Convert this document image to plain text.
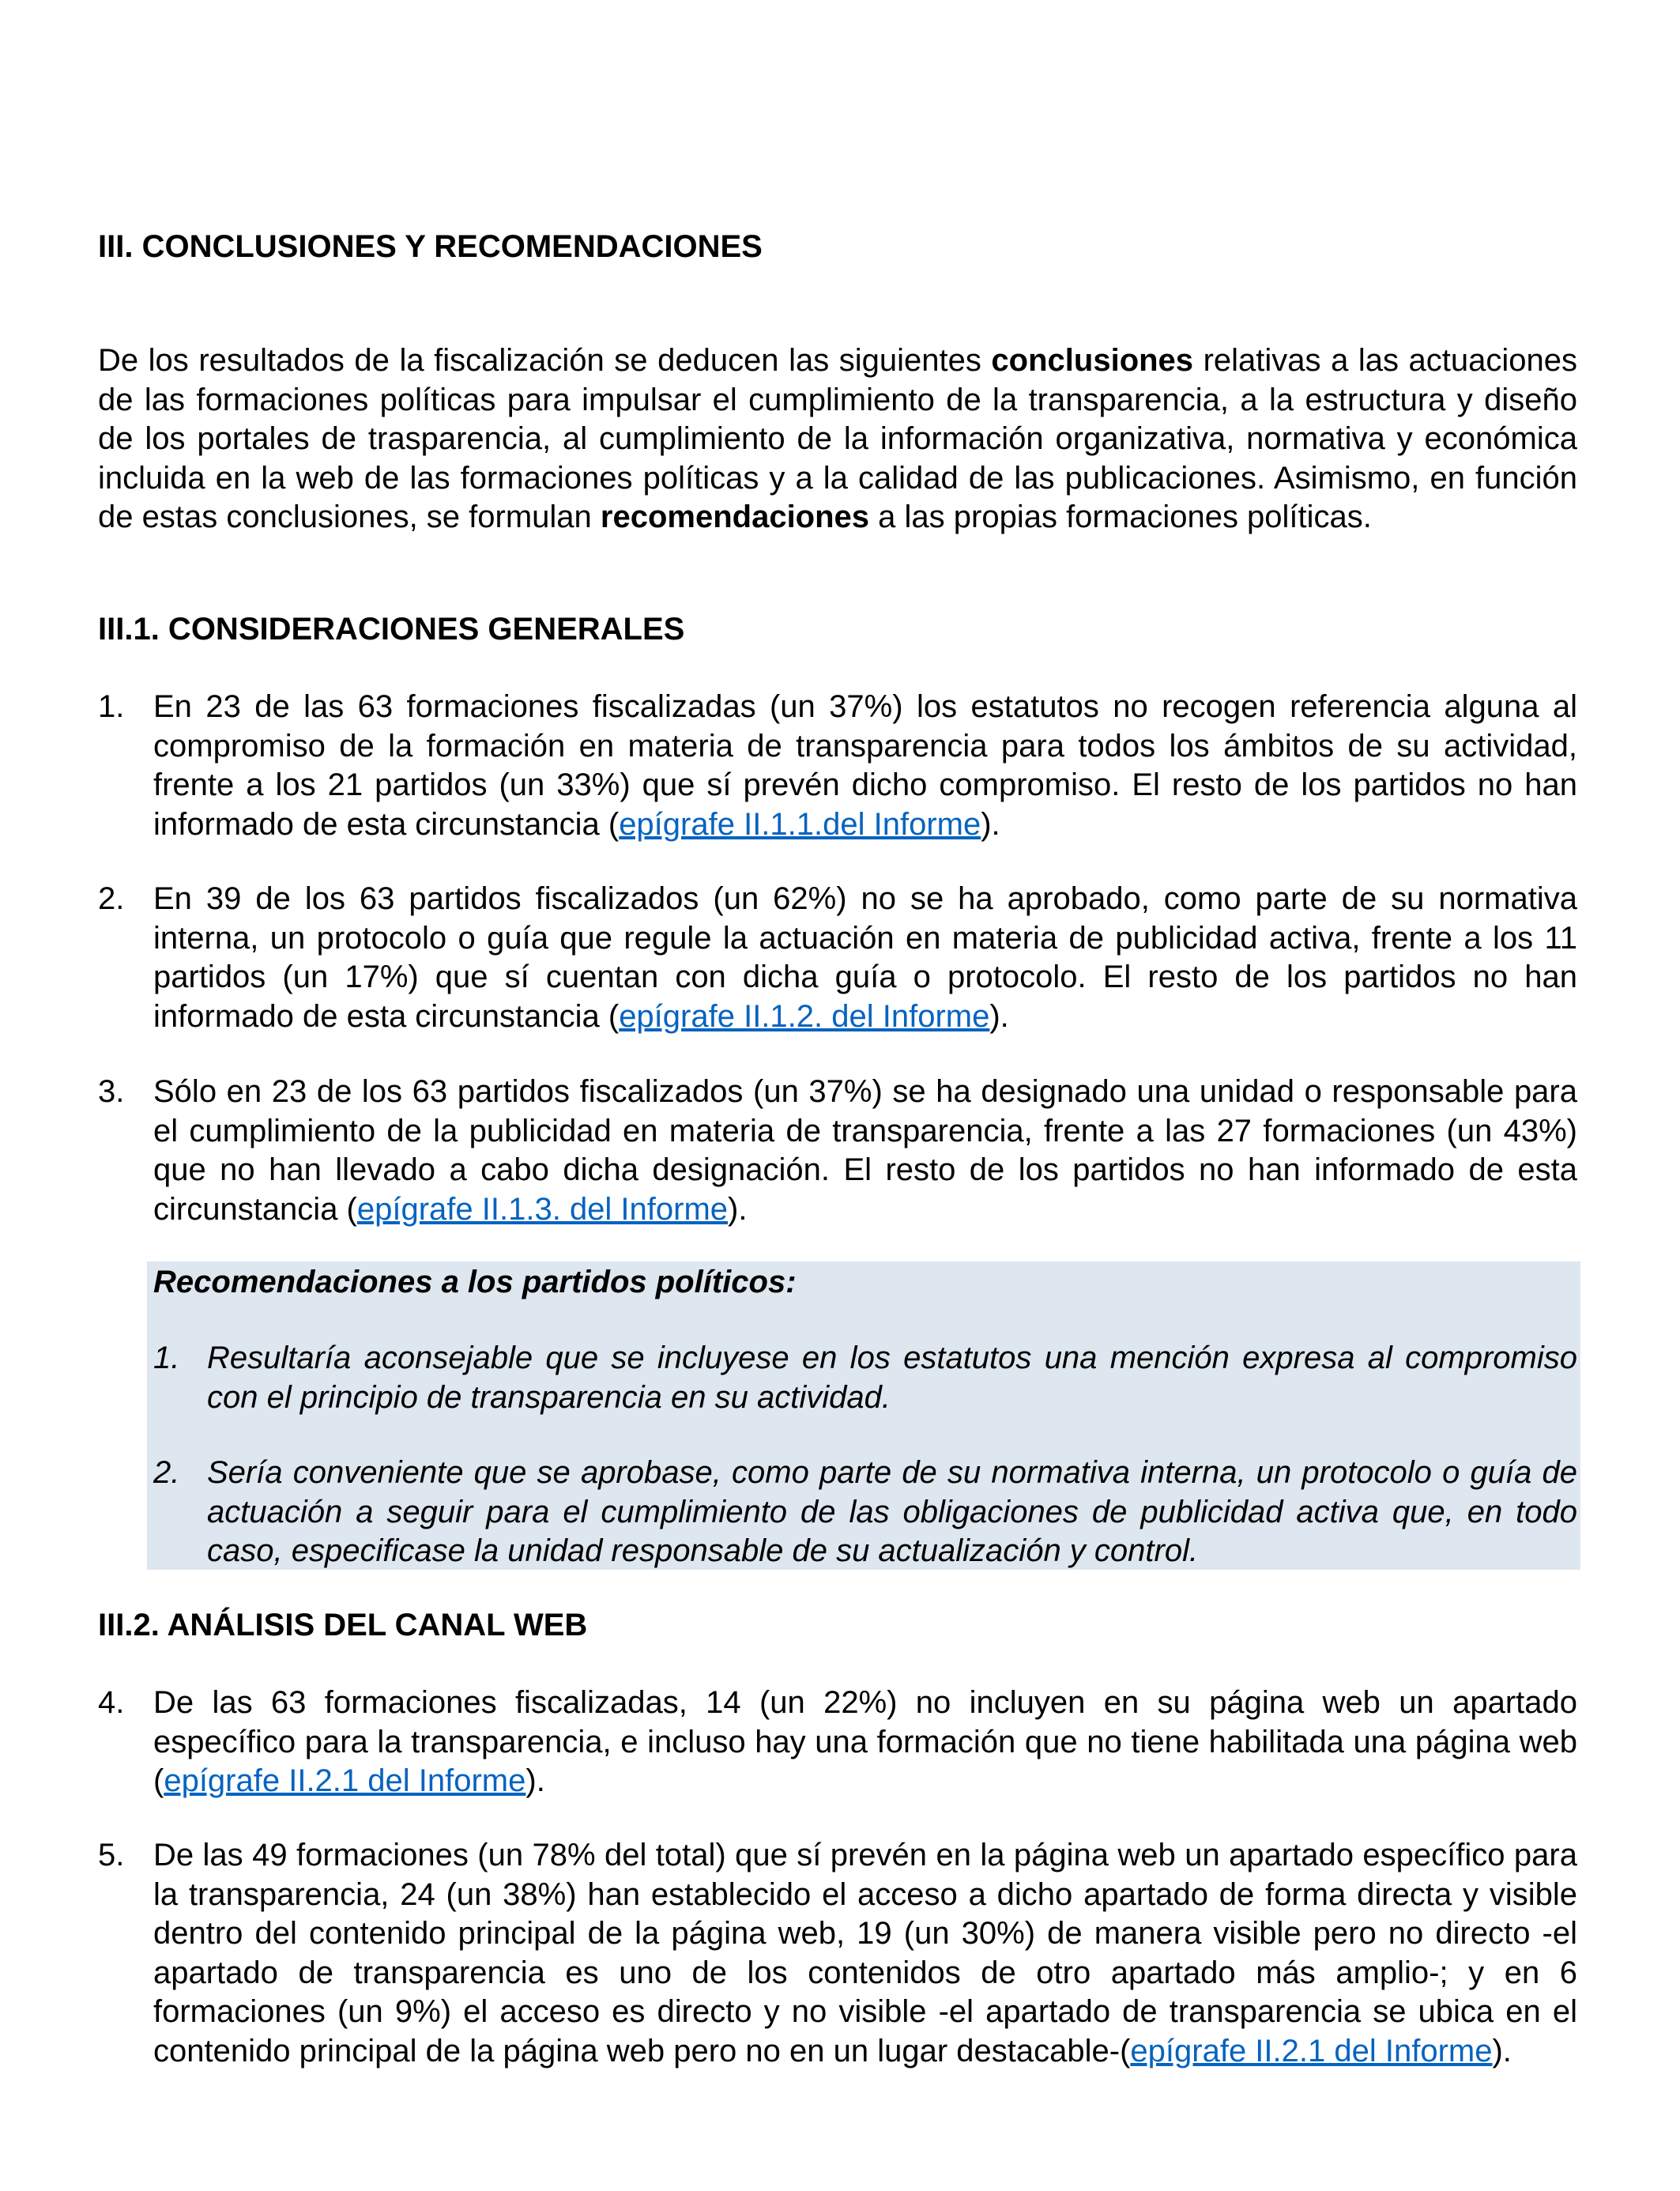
III. CONCLUSIONES Y RECOMENDACIONES

De los resultados de la fiscalización se deducen las siguientes conclusiones relativas a las actuaciones de las formaciones políticas para impulsar el cumplimiento de la transparencia, a la estructura y diseño de los portales de trasparencia, al cumplimiento de la información organizativa, normativa y económica incluida en la web de las formaciones políticas y a la calidad de las publicaciones. Asimismo, en función de estas conclusiones, se formulan recomendaciones a las propias formaciones políticas.

III.1. CONSIDERACIONES GENERALES
1. En 23 de las 63 formaciones fiscalizadas (un 37%) los estatutos no recogen referencia alguna al compromiso de la formación en materia de transparencia para todos los ámbitos de su actividad, frente a los 21 partidos (un 33%) que sí prevén dicho compromiso. El resto de los partidos no han informado de esta circunstancia (epígrafe II.1.1.del Informe).
2. En 39 de los 63 partidos fiscalizados (un 62%) no se ha aprobado, como parte de su normativa interna, un protocolo o guía que regule la actuación en materia de publicidad activa, frente a los 11 partidos (un 17%) que sí cuentan con dicha guía o protocolo. El resto de los partidos no han informado de esta circunstancia (epígrafe II.1.2. del Informe).
3. Sólo en 23 de los 63 partidos fiscalizados (un 37%) se ha designado una unidad o responsable para el cumplimiento de la publicidad en materia de transparencia, frente a las 27 formaciones (un 43%) que no han llevado a cabo dicha designación. El resto de los partidos no han informado de esta circunstancia (epígrafe II.1.3. del Informe).
Recomendaciones a los partidos políticos:
1. Resultaría aconsejable que se incluyese en los estatutos una mención expresa al compromiso con el principio de transparencia en su actividad.
2. Sería conveniente que se aprobase, como parte de su normativa interna, un protocolo o guía de actuación a seguir para el cumplimiento de las obligaciones de publicidad activa que, en todo caso, especificase la unidad responsable de su actualización y control.
III.2. ANÁLISIS DEL CANAL WEB
4. De las 63 formaciones fiscalizadas, 14 (un 22%) no incluyen en su página web un apartado específico para la transparencia, e incluso hay una formación que no tiene habilitada una página web (epígrafe II.2.1 del Informe).
5. De las 49 formaciones (un 78% del total) que sí prevén en la página web un apartado específico para la transparencia, 24 (un 38%) han establecido el acceso a dicho apartado de forma directa y visible dentro del contenido principal de la página web, 19 (un 30%) de manera visible pero no directo -el apartado de transparencia es uno de los contenidos de otro apartado más amplio-; y en 6 formaciones (un 9%) el acceso es directo y no visible -el apartado de transparencia se ubica en el contenido principal de la página web pero no en un lugar destacable-(epígrafe II.2.1 del Informe).
